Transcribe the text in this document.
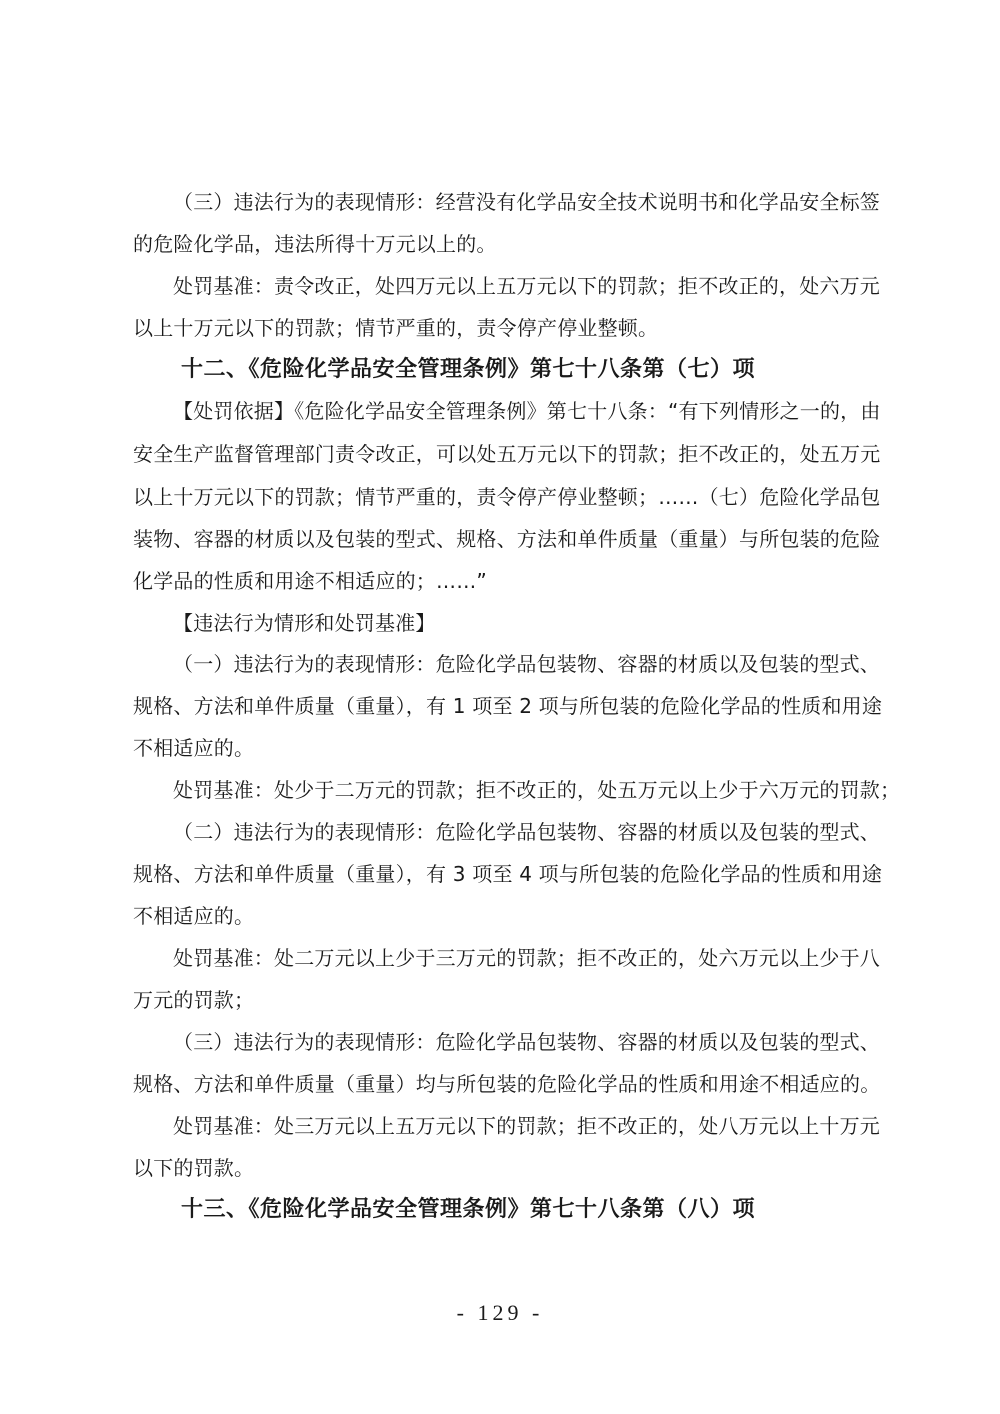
（三）违法行为的表现情形：经营没有化学品安全技术说明书和化学品安全标签
的危险化学品，违法所得十万元以上的。
处罚基准：责令改正，处四万元以上五万元以下的罚款；拒不改正的，处六万元
以上十万元以下的罚款；情节严重的，责令停产停业整顿。
十二、《危险化学品安全管理条例》第七十八条第（七）项
【处罚依据】《危险化学品安全管理条例》第七十八条：“有下列情形之一的，由
安全生产监督管理部门责令改正，可以处五万元以下的罚款；拒不改正的，处五万元
以上十万元以下的罚款；情节严重的，责令停产停业整顿；……（七）危险化学品包
装物、容器的材质以及包装的型式、规格、方法和单件质量（重量）与所包装的危险
化学品的性质和用途不相适应的；……”
【违法行为情形和处罚基准】
（一）违法行为的表现情形：危险化学品包装物、容器的材质以及包装的型式、
规格、方法和单件质量（重量），有 1 项至 2 项与所包装的危险化学品的性质和用途
不相适应的。
处罚基准：处少于二万元的罚款；拒不改正的，处五万元以上少于六万元的罚款；
（二）违法行为的表现情形：危险化学品包装物、容器的材质以及包装的型式、
规格、方法和单件质量（重量），有 3 项至 4 项与所包装的危险化学品的性质和用途
不相适应的。
处罚基准：处二万元以上少于三万元的罚款；拒不改正的，处六万元以上少于八
万元的罚款；
（三）违法行为的表现情形：危险化学品包装物、容器的材质以及包装的型式、
规格、方法和单件质量（重量）均与所包装的危险化学品的性质和用途不相适应的。
处罚基准：处三万元以上五万元以下的罚款；拒不改正的，处八万元以上十万元
以下的罚款。
十三、《危险化学品安全管理条例》第七十八条第（八）项
- 129 -
